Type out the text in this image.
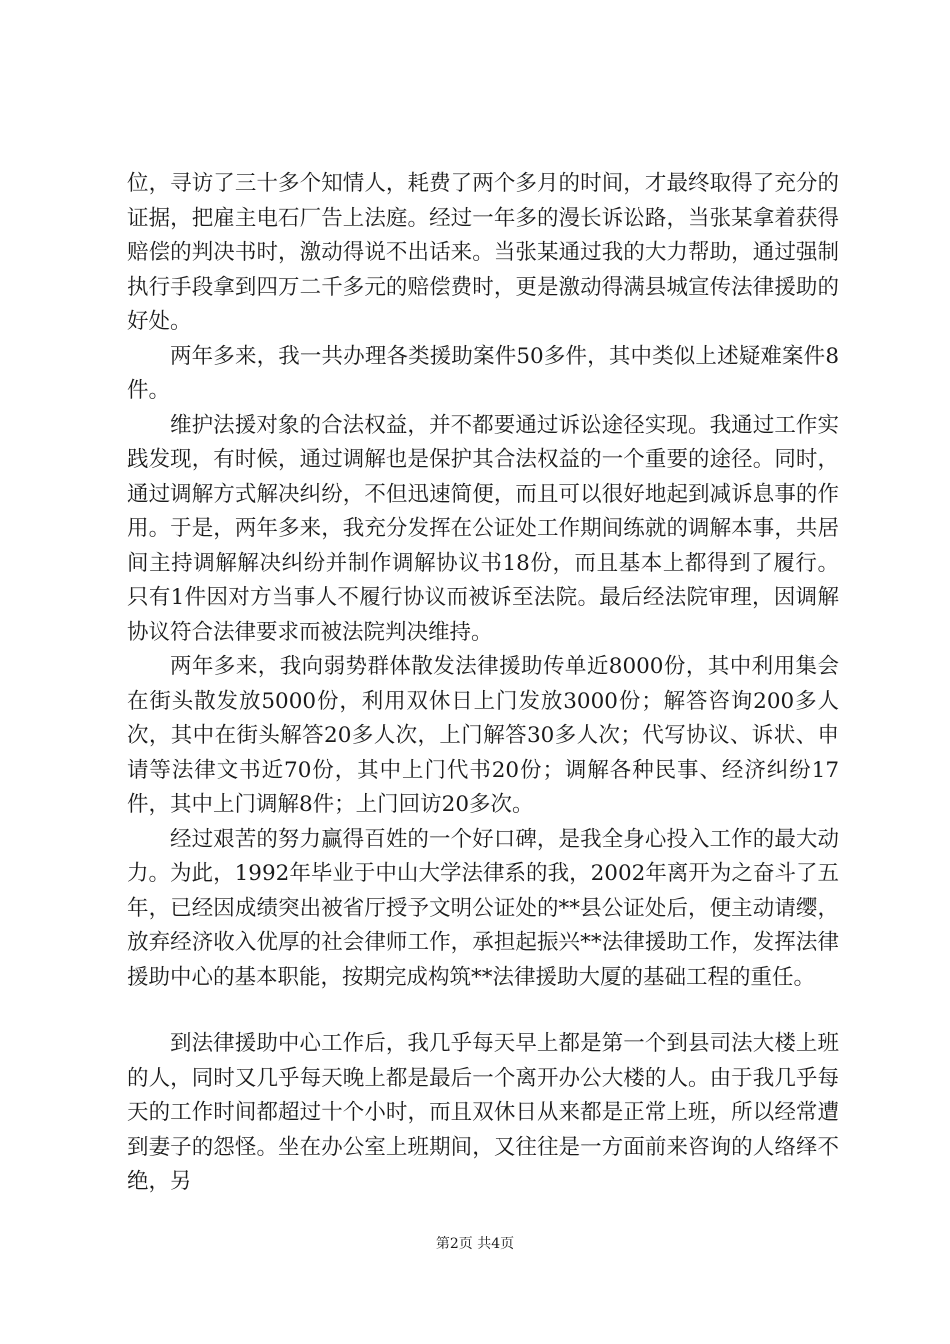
位，寻访了三十多个知情人，耗费了两个多月的时间，才最终取得了充分的证据，把雇主电石厂告上法庭。经过一年多的漫长诉讼路，当张某拿着获得赔偿的判决书时，激动得说不出话来。当张某通过我的大力帮助，通过强制执行手段拿到四万二千多元的赔偿费时，更是激动得满县城宣传法律援助的好处。

两年多来，我一共办理各类援助案件50多件，其中类似上述疑难案件8件。

维护法援对象的合法权益，并不都要通过诉讼途径实现。我通过工作实践发现，有时候，通过调解也是保护其合法权益的一个重要的途径。同时，通过调解方式解决纠纷，不但迅速简便，而且可以很好地起到减诉息事的作用。于是，两年多来，我充分发挥在公证处工作期间练就的调解本事，共居间主持调解解决纠纷并制作调解协议书18份，而且基本上都得到了履行。只有1件因对方当事人不履行协议而被诉至法院。最后经法院审理，因调解协议符合法律要求而被法院判决维持。

两年多来，我向弱势群体散发法律援助传单近8000份，其中利用集会在街头散发放5000份，利用双休日上门发放3000份；解答咨询200多人次，其中在街头解答20多人次，上门解答30多人次；代写协议、诉状、申请等法律文书近70份，其中上门代书20份；调解各种民事、经济纠纷17件，其中上门调解8件；上门回访20多次。

经过艰苦的努力赢得百姓的一个好口碑，是我全身心投入工作的最大动力。为此，1992年毕业于中山大学法律系的我，2002年离开为之奋斗了五年，已经因成绩突出被省厅授予文明公证处的**县公证处后，便主动请缨，放弃经济收入优厚的社会律师工作，承担起振兴**法律援助工作，发挥法律援助中心的基本职能，按期完成构筑**法律援助大厦的基础工程的重任。

到法律援助中心工作后，我几乎每天早上都是第一个到县司法大楼上班的人，同时又几乎每天晚上都是最后一个离开办公大楼的人。由于我几乎每天的工作时间都超过十个小时，而且双休日从来都是正常上班，所以经常遭到妻子的怨怪。坐在办公室上班期间，又往往是一方面前来咨询的人络绎不绝，另

第2页 共4页
